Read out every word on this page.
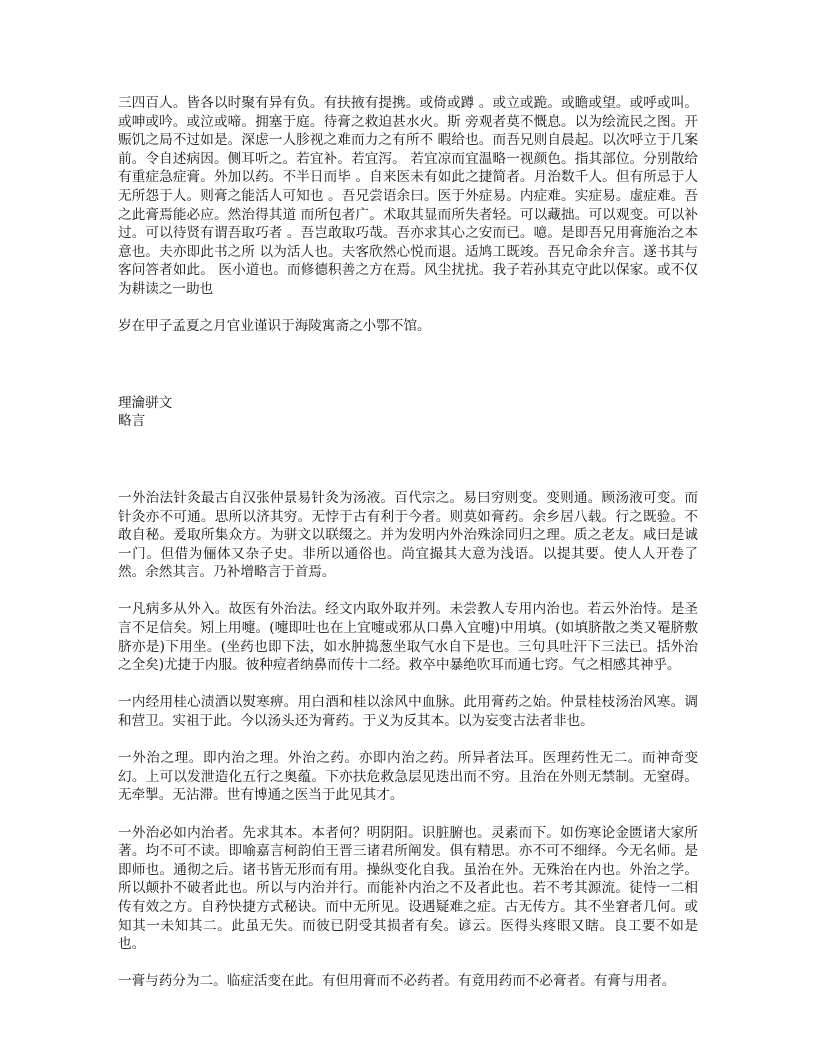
三四百人。皆各以时聚有异有负。有扶掖有提携。或倚或蹲 。或立或跪。或瞻或望。或呼或叫。或呻或吟。或泣或啼。拥塞于庭。待膏之救迫甚水火。斯 旁观者莫不慨息。以为绘流民之图。开赈饥之局不过如是。深虑一人胗视之难而力之有所不 暇给也。而吾兄则自晨起。以次呼立于几案前。令自述病因。侧耳听之。若宜补。若宜泻。 若宜凉而宜温略一视颜色。指其部位。分别散给有重症急症膏。外加以药。不半日而毕 。自来医未有如此之捷简者。月治数千人。但有所忌于人无所怨于人。则膏之能活人可知也 。吾兄尝语余曰。医于外症易。内症难。实症易。虚症难。吾之此膏焉能必应。然治得其道 而所包者广。术取其显而所失者轻。可以藏拙。可以观变。可以补过。可以待贤有谓吾取巧者 。吾岂敢取巧哉。吾亦求其心之安而已。噫。是即吾兄用膏施治之本意也。夫亦即此书之所 以为活人也。夫客欣然心悦而退。适鸠工既竣。吾兄命余弁言。遂书其与客问答者如此。 医小道也。而修德积善之方在焉。风尘扰扰。我子若孙其克守此以保家。或不仅为耕读之一助也

岁在甲子孟夏之月官业谨识于海陵寓斋之小鄂不馆。

理瀹骈文

略言

一外治法针灸最古自汉张仲景易针灸为汤液。百代宗之。易曰穷则变。变则通。顾汤液可变。而针灸亦不可通。思所以济其穷。无悖于古有利于今者。则莫如膏药。余乡居八载。行之既验。不敢自秘。爰取所集众方。为骈文以联缀之。并为发明内外治殊涂同归之理。质之老友。咸曰是诚一门。但借为俪体又杂子史。非所以通俗也。尚宜撮其大意为浅语。以提其要。使人人开卷了然。余然其言。乃补增略言于首焉。

一凡病多从外入。故医有外治法。经文内取外取并列。未尝教人专用内治也。若云外治恃。是圣言不足信矣。矧上用嚏。(嚏即吐也在上宜嚏或邪从口鼻入宜嚏)中用填。(如填脐散之类又罨脐敷脐亦是)下用坐。(坐药也即下法，如水肿捣葱坐取气水自下是也。三句具吐汗下三法已。括外治之全矣)尤捷于内服。彼种痘者纳鼻而传十二经。救卒中暴绝吹耳而通七窍。气之相感其神乎。

一内经用桂心渍酒以熨寒痹。用白酒和桂以涂风中血脉。此用膏药之始。仲景桂枝汤治风寒。调和营卫。实祖于此。今以汤头还为膏药。于义为反其本。以为妄变古法者非也。

一外治之理。即内治之理。外治之药。亦即内治之药。所异者法耳。医理药性无二。而神奇变幻。上可以发泄造化五行之奥蕴。下亦扶危救急层见迭出而不穷。且治在外则无禁制。无窒碍。无牵掣。无沾滞。世有博通之医当于此见其才。

一外治必如内治者。先求其本。本者何？明阴阳。识脏腑也。灵素而下。如伤寒论金匮诸大家所著。均不可不读。即喻嘉言柯韵伯王晋三诸君所阐发。俱有精思。亦不可不细绎。今无名师。是即师也。通彻之后。诸书皆无形而有用。操纵变化自我。虽治在外。无殊治在内也。外治之学。所以颠扑不破者此也。所以与内治并行。而能补内治之不及者此也。若不考其源流。徒恃一二相传有效之方。自矜快捷方式秘诀。而中无所见。设遇疑难之症。古无传方。其不坐窘者几何。或知其一未知其二。此虽无失。而彼已阴受其损者有矣。谚云。医得头疼眼又瞎。良工要不如是也。

一膏与药分为二。临症活变在此。有但用膏而不必药者。有竟用药而不必膏者。有膏与用者。
